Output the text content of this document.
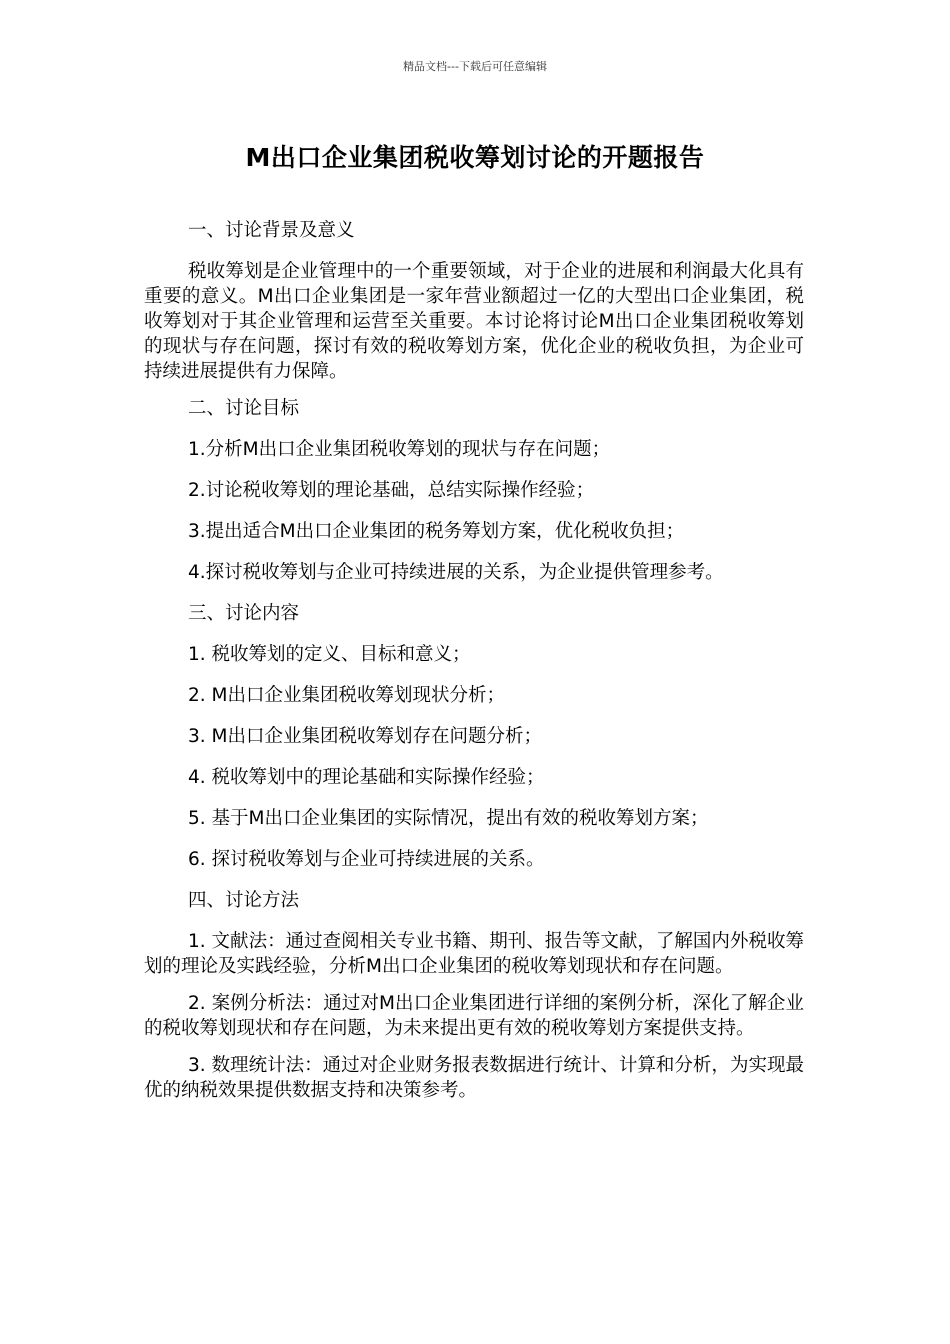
精品文档---下载后可任意编辑
M出口企业集团税收筹划讨论的开题报告

一、讨论背景及意义

税收筹划是企业管理中的一个重要领域，对于企业的进展和利润最大化具有重要的意义。M出口企业集团是一家年营业额超过一亿的大型出口企业集团，税收筹划对于其企业管理和运营至关重要。本讨论将讨论M出口企业集团税收筹划的现状与存在问题，探讨有效的税收筹划方案，优化企业的税收负担，为企业可持续进展提供有力保障。

二、讨论目标

1.分析M出口企业集团税收筹划的现状与存在问题；

2.讨论税收筹划的理论基础，总结实际操作经验；

3.提出适合M出口企业集团的税务筹划方案，优化税收负担；

4.探讨税收筹划与企业可持续进展的关系，为企业提供管理参考。

三、讨论内容

1. 税收筹划的定义、目标和意义；

2. M出口企业集团税收筹划现状分析；

3. M出口企业集团税收筹划存在问题分析；

4. 税收筹划中的理论基础和实际操作经验；

5. 基于M出口企业集团的实际情况，提出有效的税收筹划方案；

6. 探讨税收筹划与企业可持续进展的关系。

四、讨论方法

1. 文献法：通过查阅相关专业书籍、期刊、报告等文献，了解国内外税收筹划的理论及实践经验，分析M出口企业集团的税收筹划现状和存在问题。

2. 案例分析法：通过对M出口企业集团进行详细的案例分析，深化了解企业的税收筹划现状和存在问题，为未来提出更有效的税收筹划方案提供支持。

3. 数理统计法：通过对企业财务报表数据进行统计、计算和分析，为实现最优的纳税效果提供数据支持和决策参考。
